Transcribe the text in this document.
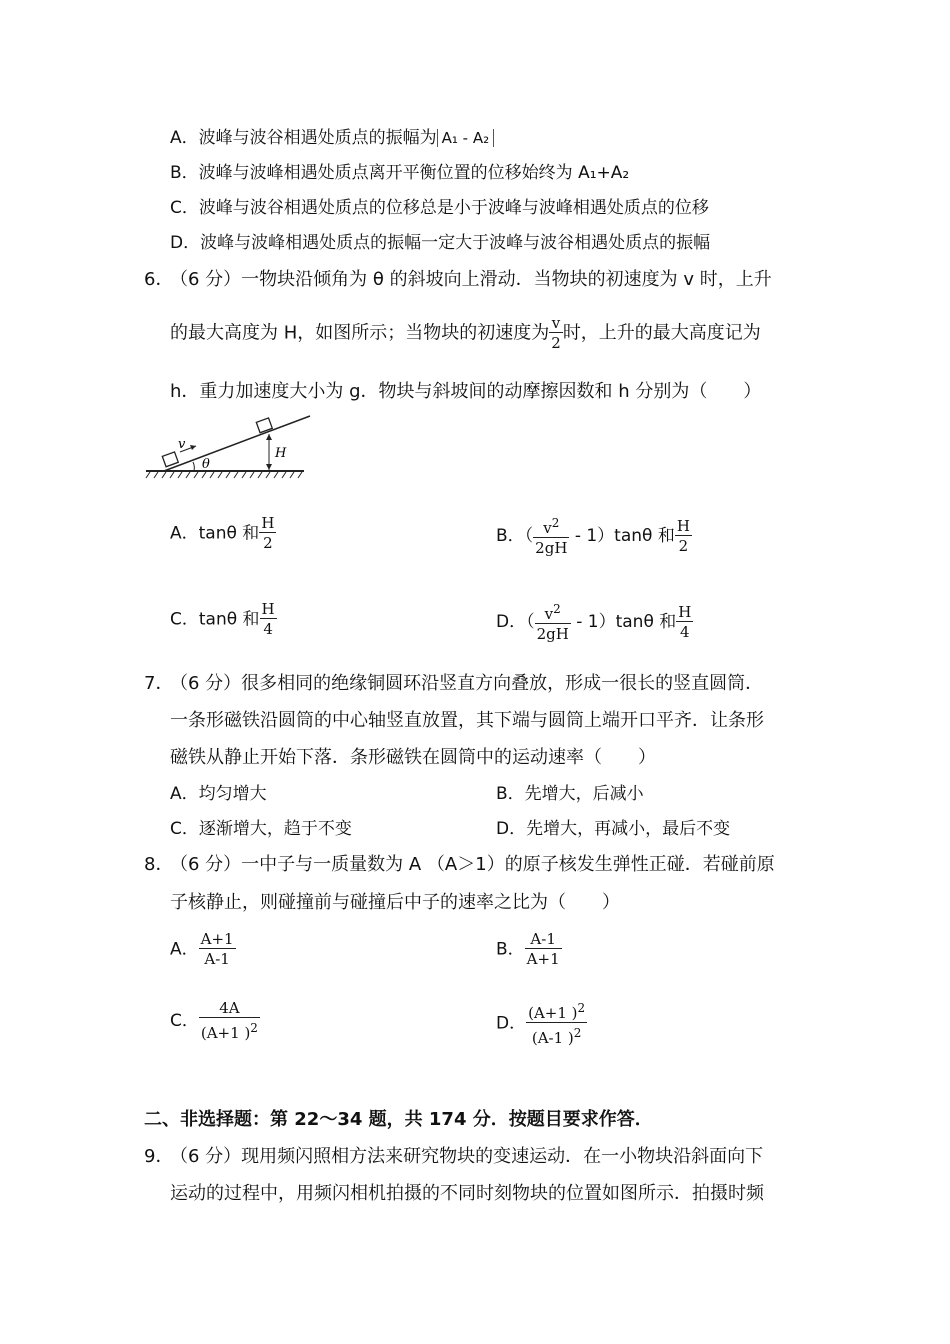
A．波峰与波谷相遇处质点的振幅为 A₁ - A₂
B．波峰与波峰相遇处质点离开平衡位置的位移始终为 A₁+A₂
C．波峰与波谷相遇处质点的位移总是小于波峰与波峰相遇处质点的位移
D．波峰与波峰相遇处质点的振幅一定大于波峰与波谷相遇处质点的振幅
6．
（6 分）一物块沿倾角为 θ 的斜坡向上滑动．当物块的初速度为 v 时，上升
的最大高度为 H，如图所示；当物块的初速度为 $\frac{v}{2}$ 时，上升的最大高度记为
h．重力加速度大小为 g．物块与斜坡间的动摩擦因数和 h 分别为（　　）
v
θ
H
A．tanθ 和 $\frac{H}{2}$	B．（ $\frac{v^2}{2gH} - 1)\tan\theta$ 和 $\frac{H}{2}$
C．tanθ 和 $\frac{H}{4}$	D．（ $\frac{v^2}{2gH} - 1)\tan\theta$ 和 $\frac{H}{4}$
7．
（6 分）很多相同的绝缘铜圆环沿竖直方向叠放，形成一很长的竖直圆筒．
一条形磁铁沿圆筒的中心轴竖直放置，其下端与圆筒上端开口平齐．让条形
磁铁从静止开始下落．条形磁铁在圆筒中的运动速率（　　）
A．均匀增大	B．先增大，后减小
C．逐渐增大，趋于不变	D．先增大，再减小，最后不变
8．
（6 分）一中子与一质量数为 A （A＞1）的原子核发生弹性正碰．若碰前原
子核静止，则碰撞前与碰撞后中子的速率之比为（　　）
A． $\frac{A+1}{A-1}$	B． $\frac{A-1}{A+1}$
C． $\frac{4A}{(A+1 )^2}$	D． $\frac{(A+1 )^2}{(A-1 )^2}$
二、非选择题：第 22～34 题，共 174 分．按题目要求作答．
9．
（6 分）现用频闪照相方法来研究物块的变速运动．在一小物块沿斜面向下
运动的过程中，用频闪相机拍摄的不同时刻物块的位置如图所示．拍摄时频
